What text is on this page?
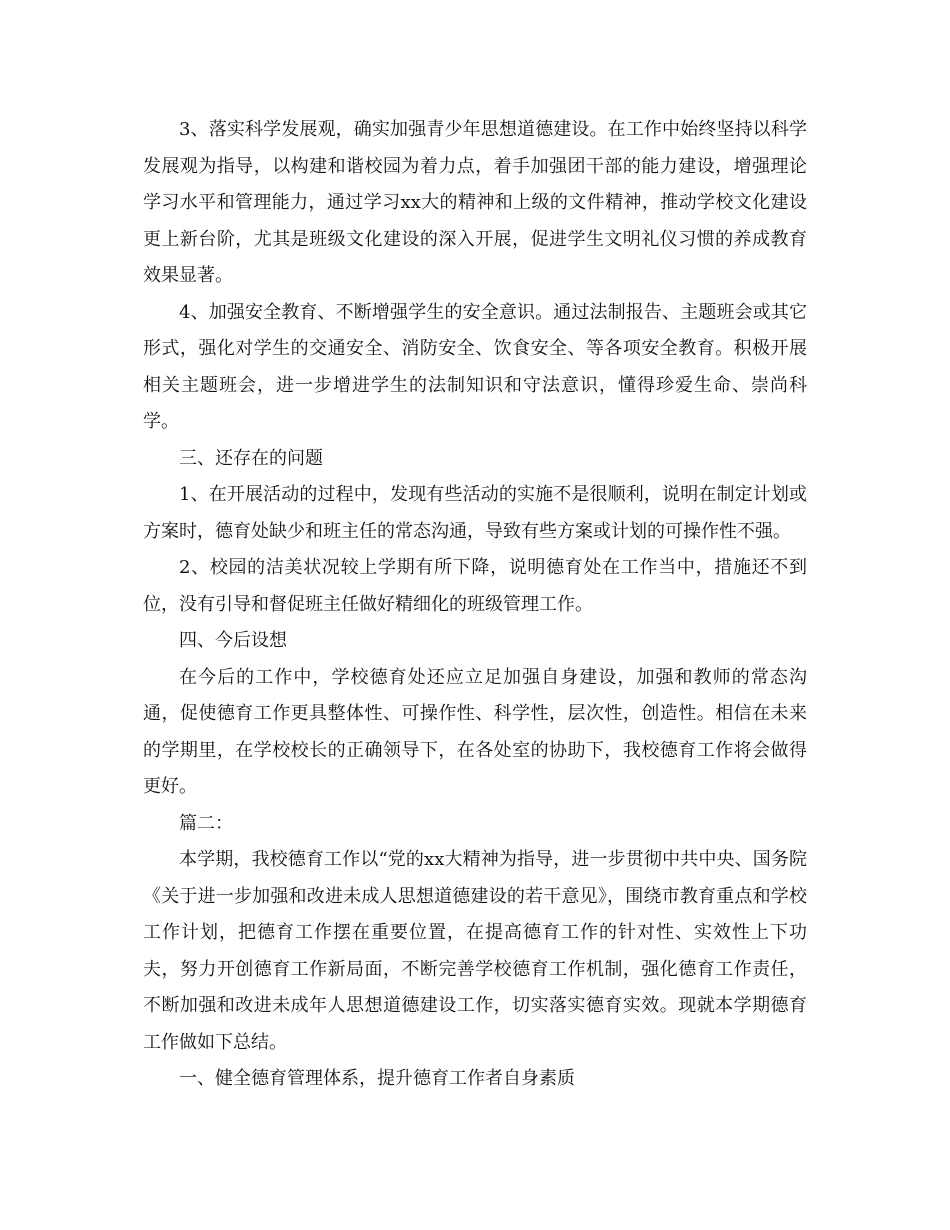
3、落实科学发展观，确实加强青少年思想道德建设。在工作中始终坚持以科学发展观为指导，以构建和谐校园为着力点，着手加强团干部的能力建设，增强理论学习水平和管理能力，通过学习xx大的精神和上级的文件精神，推动学校文化建设更上新台阶，尤其是班级文化建设的深入开展，促进学生文明礼仪习惯的养成教育效果显著。

4、加强安全教育、不断增强学生的安全意识。通过法制报告、主题班会或其它形式，强化对学生的交通安全、消防安全、饮食安全、等各项安全教育。积极开展相关主题班会，进一步增进学生的法制知识和守法意识，懂得珍爱生命、崇尚科学。

三、还存在的问题

1、在开展活动的过程中，发现有些活动的实施不是很顺利，说明在制定计划或方案时，德育处缺少和班主任的常态沟通，导致有些方案或计划的可操作性不强。

2、校园的洁美状况较上学期有所下降，说明德育处在工作当中，措施还不到位，没有引导和督促班主任做好精细化的班级管理工作。

四、今后设想

在今后的工作中，学校德育处还应立足加强自身建设，加强和教师的常态沟通，促使德育工作更具整体性、可操作性、科学性，层次性，创造性。相信在未来的学期里，在学校校长的正确领导下，在各处室的协助下，我校德育工作将会做得更好。

篇二：

本学期，我校德育工作以“党的xx大精神为指导，进一步贯彻中共中央、国务院《关于进一步加强和改进未成人思想道德建设的若干意见》，围绕市教育重点和学校工作计划，把德育工作摆在重要位置，在提高德育工作的针对性、实效性上下功夫，努力开创德育工作新局面，不断完善学校德育工作机制，强化德育工作责任，不断加强和改进未成年人思想道德建设工作，切实落实德育实效。现就本学期德育工作做如下总结。

一、健全德育管理体系，提升德育工作者自身素质
